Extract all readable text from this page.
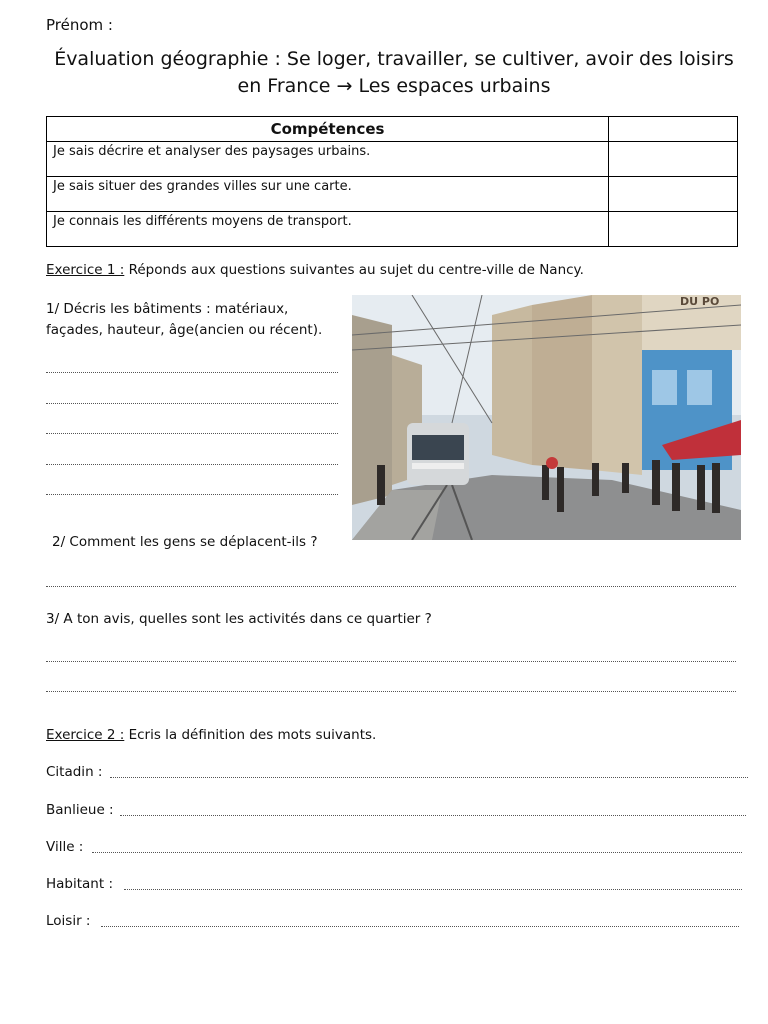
Prénom :
Évaluation géographie : Se loger, travailler, se cultiver, avoir des loisirs
en France → Les espaces urbains
Compétences	
Je sais décrire et analyser des paysages urbains.	
Je sais situer des grandes villes sur une carte.	
Je connais les différents moyens de transport.	
Exercice 1 : Réponds aux questions suivantes au sujet du centre-ville de Nancy.
1/ Décris les bâtiments : matériaux,
façades, hauteur, âge(ancien ou récent).
DU PO
2/ Comment les gens se déplacent-ils ?
3/ A ton avis, quelles sont les activités dans ce quartier ?
Exercice 2 : Ecris la définition des mots suivants.
Citadin :
Banlieue :
Ville :
Habitant :
Loisir :
